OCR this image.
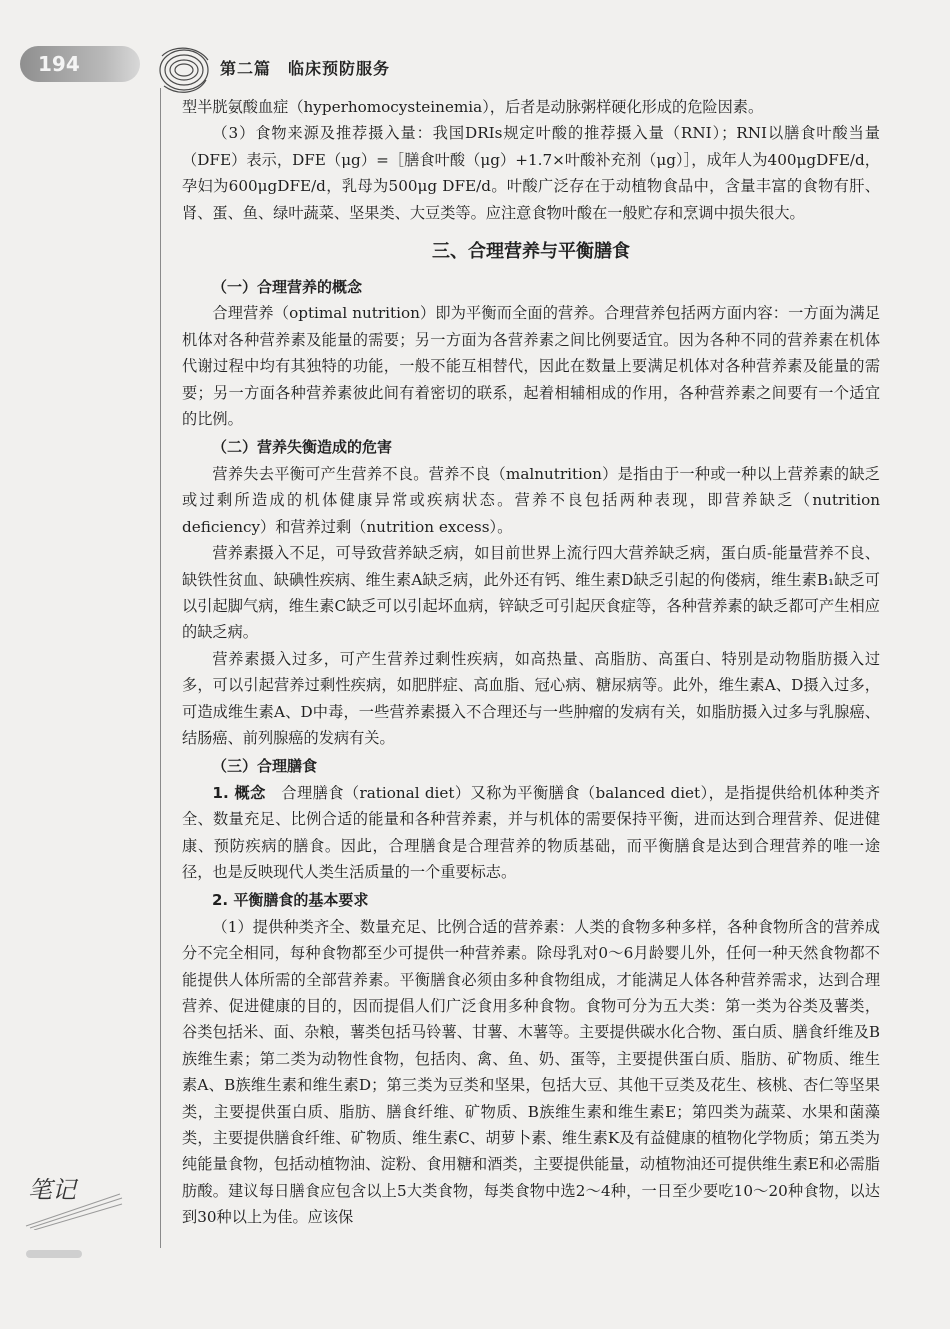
194	第二篇　临床预防服务

型半胱氨酸血症（hyperhomocysteinemia），后者是动脉粥样硬化形成的危险因素。

（3）食物来源及推荐摄入量：我国DRIs规定叶酸的推荐摄入量（RNI）；RNI以膳食叶酸当量（DFE）表示，DFE（μg）=［膳食叶酸（μg）+1.7×叶酸补充剂（μg）］，成年人为400μgDFE/d，孕妇为600μgDFE/d，乳母为500μg DFE/d。叶酸广泛存在于动植物食品中，含量丰富的食物有肝、肾、蛋、鱼、绿叶蔬菜、坚果类、大豆类等。应注意食物叶酸在一般贮存和烹调中损失很大。

三、合理营养与平衡膳食
（一）合理营养的概念

合理营养（optimal nutrition）即为平衡而全面的营养。合理营养包括两方面内容：一方面为满足机体对各种营养素及能量的需要；另一方面为各营养素之间比例要适宜。因为各种不同的营养素在机体代谢过程中均有其独特的功能，一般不能互相替代，因此在数量上要满足机体对各种营养素及能量的需要；另一方面各种营养素彼此间有着密切的联系，起着相辅相成的作用，各种营养素之间要有一个适宜的比例。

（二）营养失衡造成的危害

营养失去平衡可产生营养不良。营养不良（malnutrition）是指由于一种或一种以上营养素的缺乏或过剩所造成的机体健康异常或疾病状态。营养不良包括两种表现，即营养缺乏（nutrition deficiency）和营养过剩（nutrition excess）。

营养素摄入不足，可导致营养缺乏病，如目前世界上流行四大营养缺乏病，蛋白质-能量营养不良、缺铁性贫血、缺碘性疾病、维生素A缺乏病，此外还有钙、维生素D缺乏引起的佝偻病，维生素B₁缺乏可以引起脚气病，维生素C缺乏可以引起坏血病，锌缺乏可引起厌食症等，各种营养素的缺乏都可产生相应的缺乏病。

营养素摄入过多，可产生营养过剩性疾病，如高热量、高脂肪、高蛋白、特别是动物脂肪摄入过多，可以引起营养过剩性疾病，如肥胖症、高血脂、冠心病、糖尿病等。此外，维生素A、D摄入过多，可造成维生素A、D中毒，一些营养素摄入不合理还与一些肿瘤的发病有关，如脂肪摄入过多与乳腺癌、结肠癌、前列腺癌的发病有关。

（三）合理膳食

1. 概念　 合理膳食（rational diet）又称为平衡膳食（balanced diet），是指提供给机体种类齐全、数量充足、比例合适的能量和各种营养素，并与机体的需要保持平衡，进而达到合理营养、促进健康、预防疾病的膳食。因此，合理膳食是合理营养的物质基础，而平衡膳食是达到合理营养的唯一途径，也是反映现代人类生活质量的一个重要标志。

2. 平衡膳食的基本要求

（1）提供种类齐全、数量充足、比例合适的营养素：人类的食物多种多样，各种食物所含的营养成分不完全相同，每种食物都至少可提供一种营养素。除母乳对0～6月龄婴儿外，任何一种天然食物都不能提供人体所需的全部营养素。平衡膳食必须由多种食物组成，才能满足人体各种营养需求，达到合理营养、促进健康的目的，因而提倡人们广泛食用多种食物。食物可分为五大类：第一类为谷类及薯类，谷类包括米、面、杂粮，薯类包括马铃薯、甘薯、木薯等。主要提供碳水化合物、蛋白质、膳食纤维及B族维生素；第二类为动物性食物，包括肉、禽、鱼、奶、蛋等，主要提供蛋白质、脂肪、矿物质、维生素A、B族维生素和维生素D；第三类为豆类和坚果，包括大豆、其他干豆类及花生、核桃、杏仁等坚果类，主要提供蛋白质、脂肪、膳食纤维、矿物质、B族维生素和维生素E；第四类为蔬菜、水果和菌藻类，主要提供膳食纤维、矿物质、维生素C、胡萝卜素、维生素K及有益健康的植物化学物质；第五类为纯能量食物，包括动植物油、淀粉、食用糖和酒类，主要提供能量，动植物油还可提供维生素E和必需脂肪酸。建议每日膳食应包含以上5大类食物，每类食物中选2～4种，一日至少要吃10～20种食物，以达到30种以上为佳。应该保

笔记
